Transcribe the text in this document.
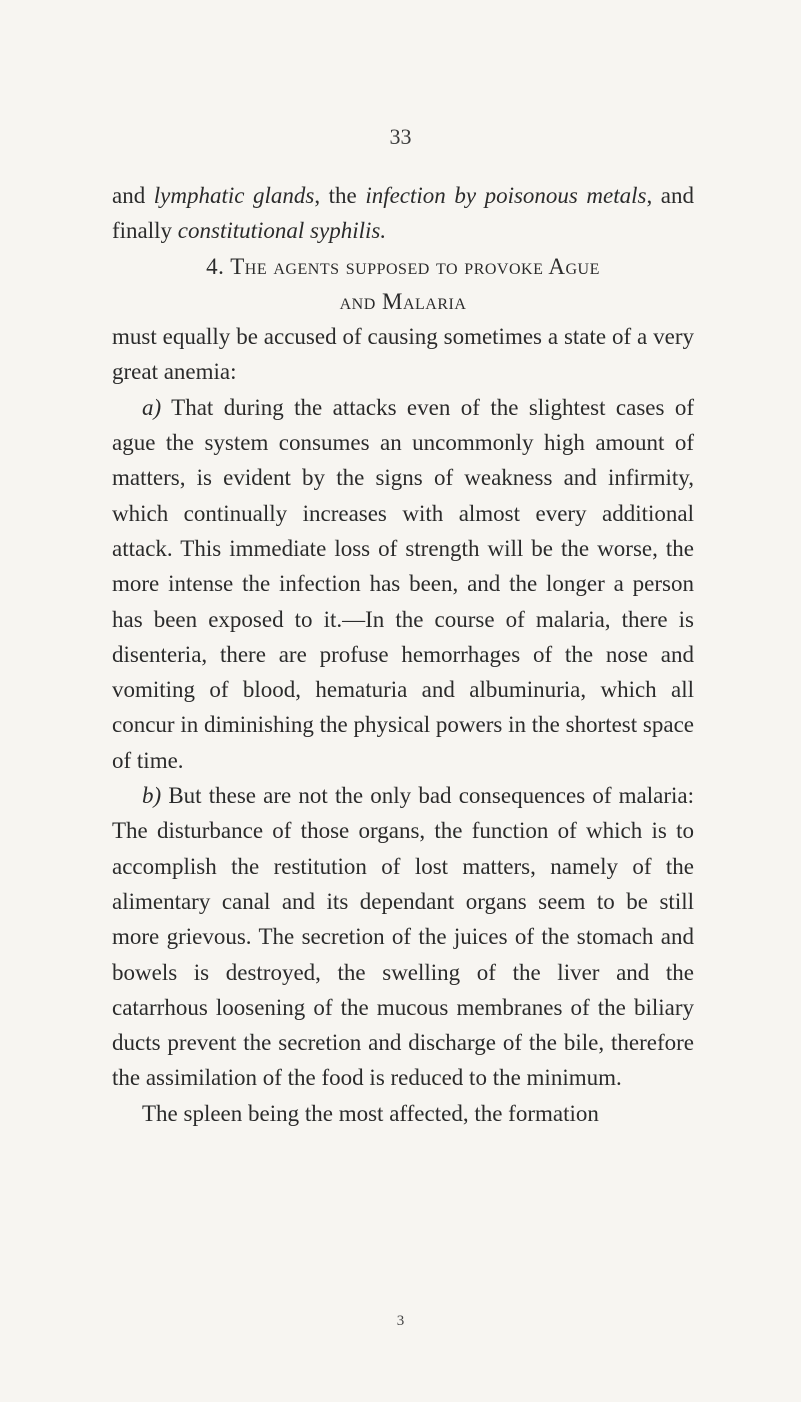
33

and lymphatic glands, the infection by poisonous metals, and finally constitutional syphilis.

4. The agents supposed to provoke Ague
and Malaria

must equally be accused of causing sometimes a state of a very great anemia:

a) That during the attacks even of the slightest cases of ague the system consumes an uncommonly high amount of matters, is evident by the signs of weakness and infirmity, which continually increases with almost every additional attack. This immediate loss of strength will be the worse, the more intense the infection has been, and the longer a person has been exposed to it.—In the course of malaria, there is disenteria, there are profuse hemorrhages of the nose and vomiting of blood, hematuria and albuminuria, which all concur in diminishing the physical powers in the shortest space of time.

b) But these are not the only bad consequences of malaria: The disturbance of those organs, the function of which is to accomplish the restitution of lost matters, namely of the alimentary canal and its dependant organs seem to be still more grievous. The secretion of the juices of the stomach and bowels is destroyed, the swelling of the liver and the catarrhous loosening of the mucous membranes of the biliary ducts prevent the secretion and discharge of the bile, therefore the assimilation of the food is reduced to the minimum.

The spleen being the most affected, the formation

3
